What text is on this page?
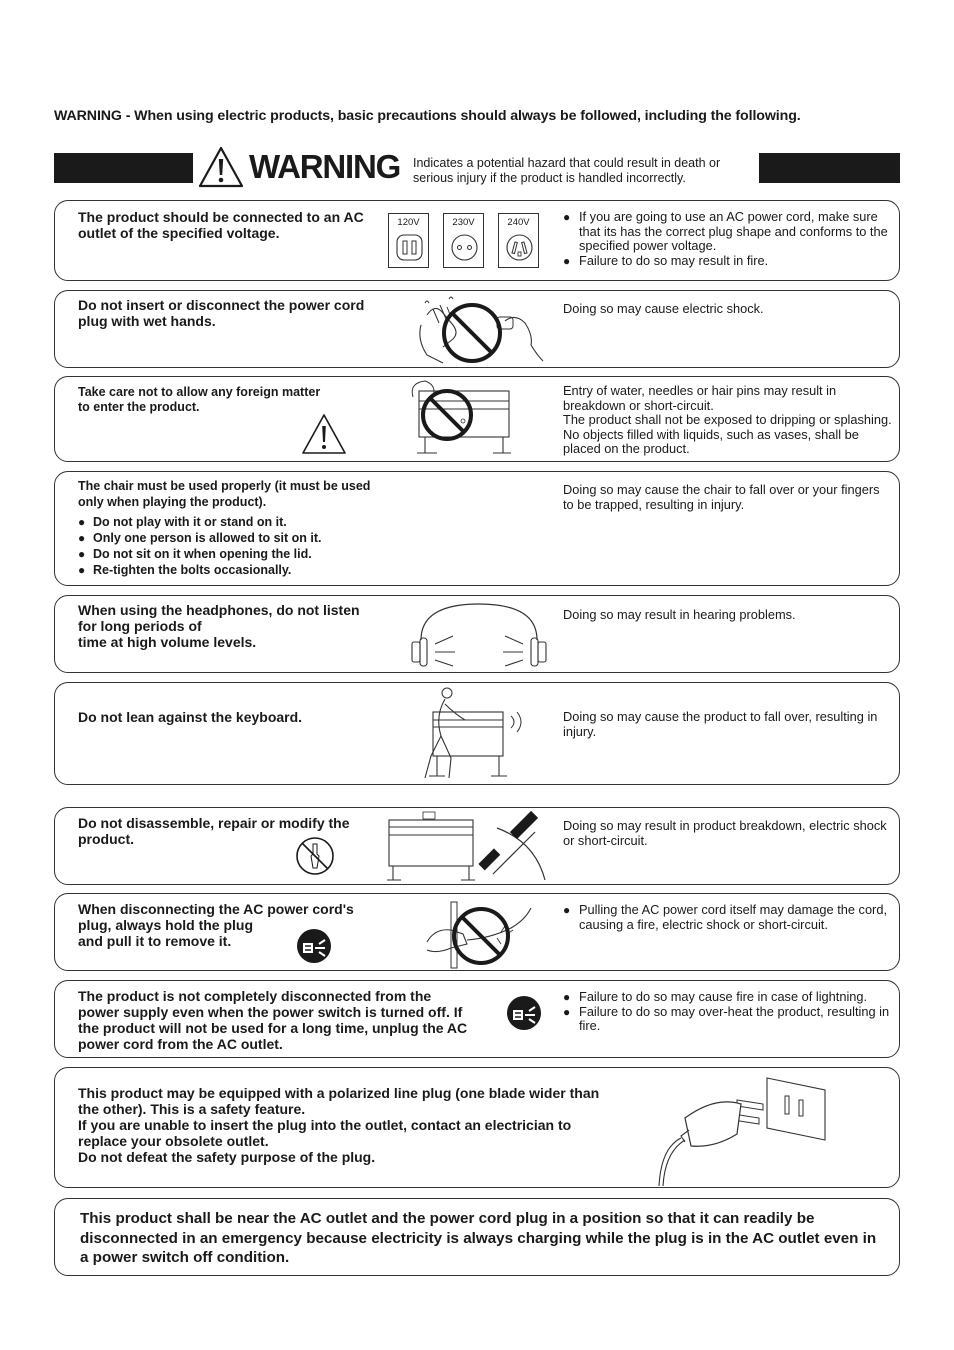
WARNING - When using electric products, basic precautions should always be followed, including the following.
WARNING Indicates a potential hazard that could result in death or serious injury if the product is handled incorrectly.
The product should be connected to an AC outlet of the specified voltage.
120V	230V	240V
●	If you are going to use an AC power cord, make sure that its has the correct plug shape and conforms to the specified power voltage.
● Failure to do so may result in fire.
Do not insert or disconnect the power cord plug with wet hands.
Doing so may cause electric shock.
Take care not to allow any foreign matter to enter the product.
Entry of water, needles or hair pins may result in breakdown or short-circuit.
The product shall not be exposed to dripping or splashing. No objects filled with liquids, such as vases, shall be placed on the product.
The chair must be used properly (it must be used only when playing the product).
● Do not play with it or stand on it.
● Only one person is allowed to sit on it.
● Do not sit on it when opening the lid.
● Re-tighten the bolts occasionally.
Doing so may cause the chair to fall over or your fingers to be trapped, resulting in injury.
When using the headphones, do not listen for long periods of
time at high volume levels.
Doing so may result in hearing problems.
Do not lean against the keyboard.	Doing so may cause the product to fall over, resulting in injury.
Do not disassemble, repair or modify the product.
Doing so may result in product breakdown, electric shock or short-circuit.
When disconnecting the AC power cord's plug, always hold the plug
and pull it to remove it.
● Pulling the AC power cord itself may damage the cord, causing a fire, electric shock or short-circuit.
The product is not completely disconnected from the power supply even when the power switch is turned off. If the product will not be used for a long time, unplug the AC power cord from the AC outlet.
● Failure to do so may cause fire in case of lightning.
● Failure to do so may over-heat the product, resulting in fire.
This product may be equipped with a polarized line plug (one blade wider than the other). This is a safety feature.
If you are unable to insert the plug into the outlet, contact an electrician to replace your obsolete outlet.
Do not defeat the safety purpose of the plug.
This product shall be near the AC outlet and the power cord plug in a position so that it can readily be disconnected in an emergency because electricity is always charging while the plug is in the AC outlet even in a power switch off condition.
